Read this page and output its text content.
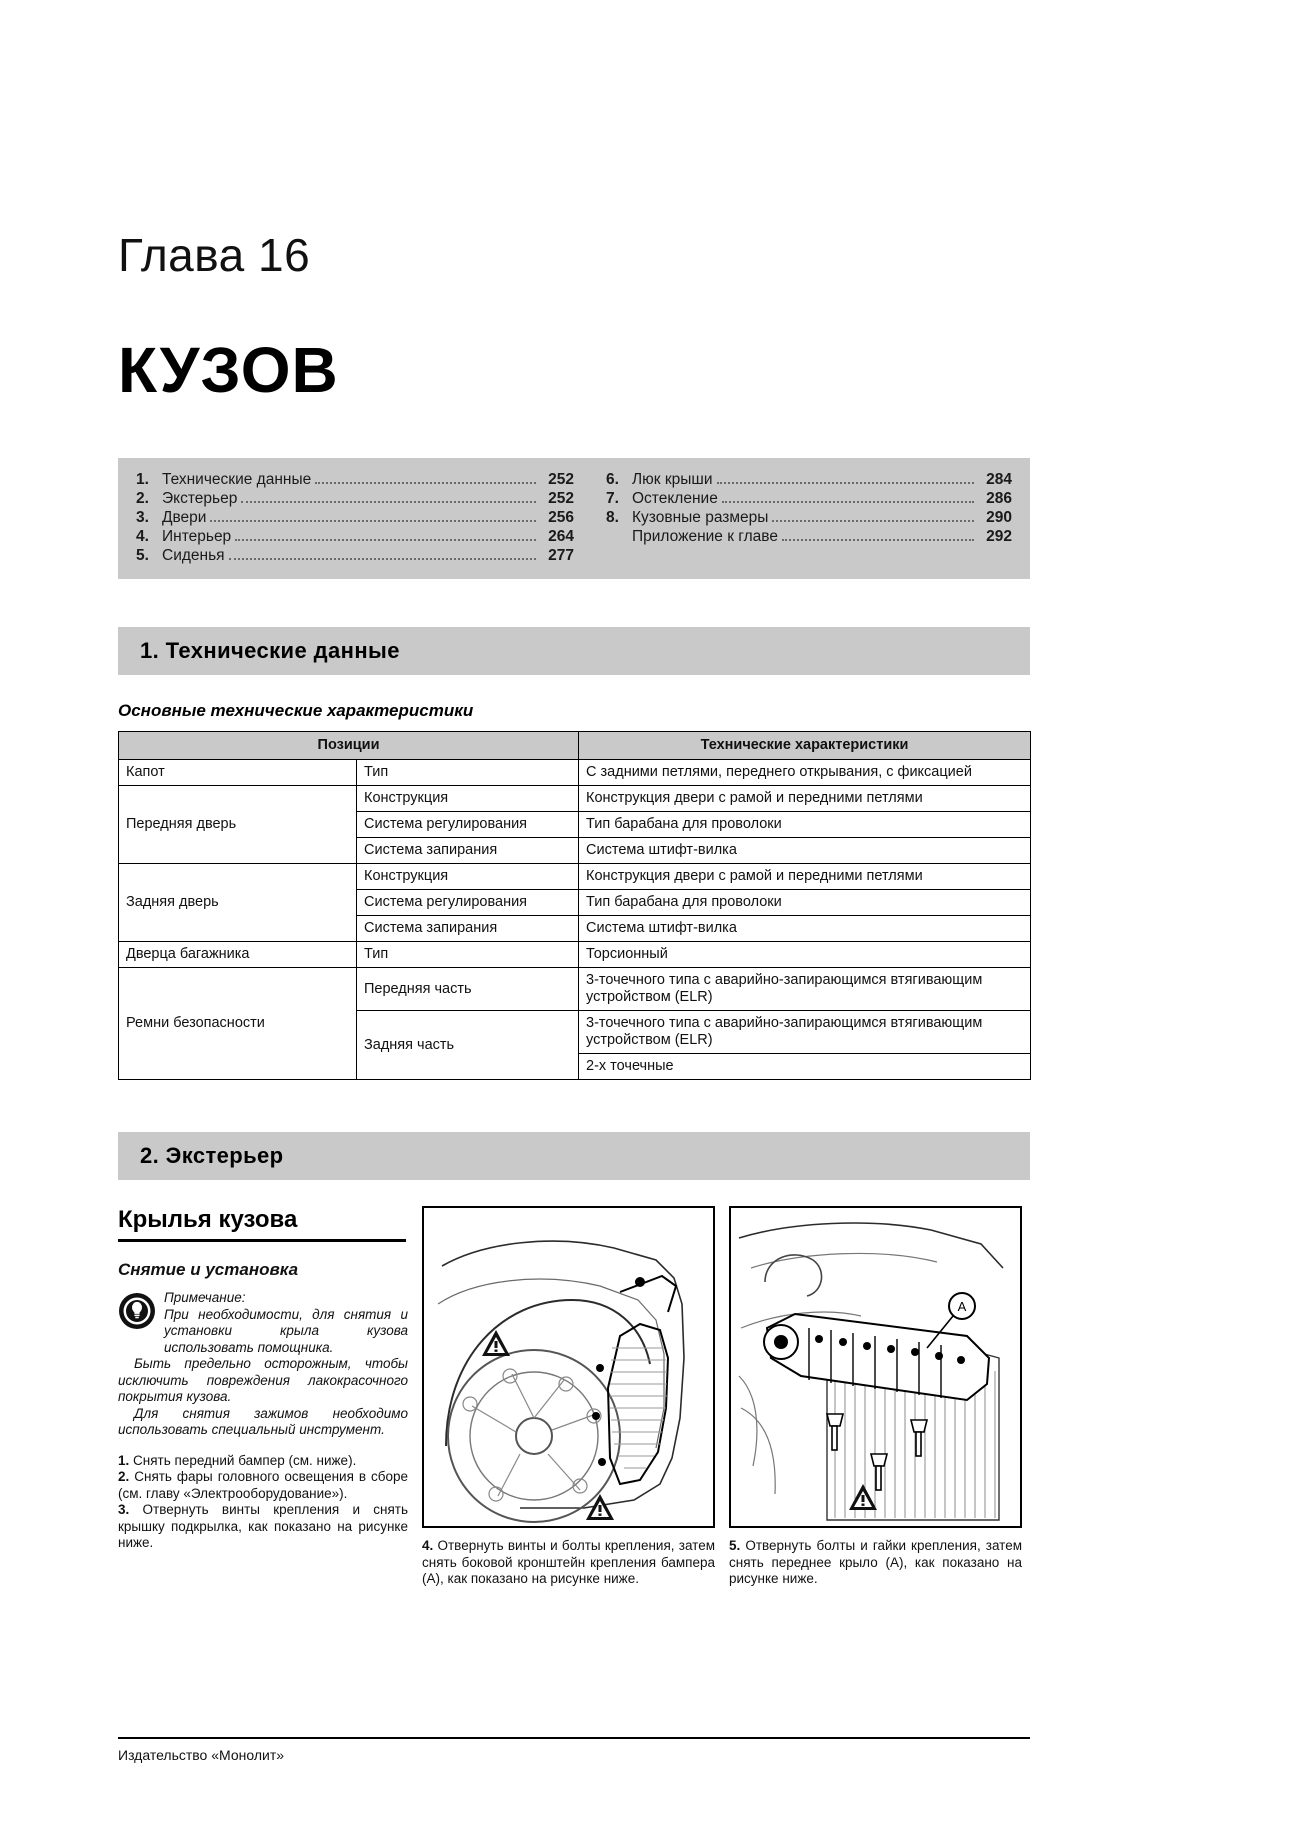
Глава 16
КУЗОВ
1. Технические данные	252
2. Экстерьер	252
3. Двери	256
4. Интерьер	264
5. Сиденья	277
6. Люк крыши	284
7. Остекление	286
8. Кузовные размеры	290
Приложение к главе	292
1. Технические данные
Основные технические характеристики
Позиции		Технические характеристики
Капот	Тип	С задними петлями, переднего открывания, с фиксацией
Передняя дверь	Конструкция	Конструкция двери с рамой и передними петлями
	Система регулирования	Тип барабана для проволоки
	Система запирания	Система штифт-вилка
Задняя дверь	Конструкция	Конструкция двери с рамой и передними петлями
	Система регулирования	Тип барабана для проволоки
	Система запирания	Система штифт-вилка
Дверца багажника	Тип	Торсионный
Ремни безопасности	Передняя часть	3-точечного типа с аварийно-запирающимся втягивающим устройством (ELR)
	Задняя часть	3-точечного типа с аварийно-запирающимся втягивающим устройством (ELR)
		2-х точечные
2. Экстерьер
Крылья кузова
Снятие и установка

Примечание:

При необходимости, для снятия и установки крыла кузова использовать помощника.

Быть предельно осторожным, чтобы исключить повреждения лакокрасочного покрытия кузова.

Для снятия зажимов необходимо использовать специальный инструмент.

1. Снять передний бампер (см. ниже).

2. Снять фары головного освещения в сборе (см. главу «Электрооборудование»).

3. Отвернуть винты крепления и снять крышку подкрылка, как показано на рисунке ниже.	4. Отвернуть винты и болты крепления, затем снять боковой кронштейн крепления бампера (А), как показано на рисунке ниже.
А
5. Отвернуть болты и гайки крепления, затем снять переднее крыло (А), как показано на рисунке ниже.
Издательство «Монолит»
